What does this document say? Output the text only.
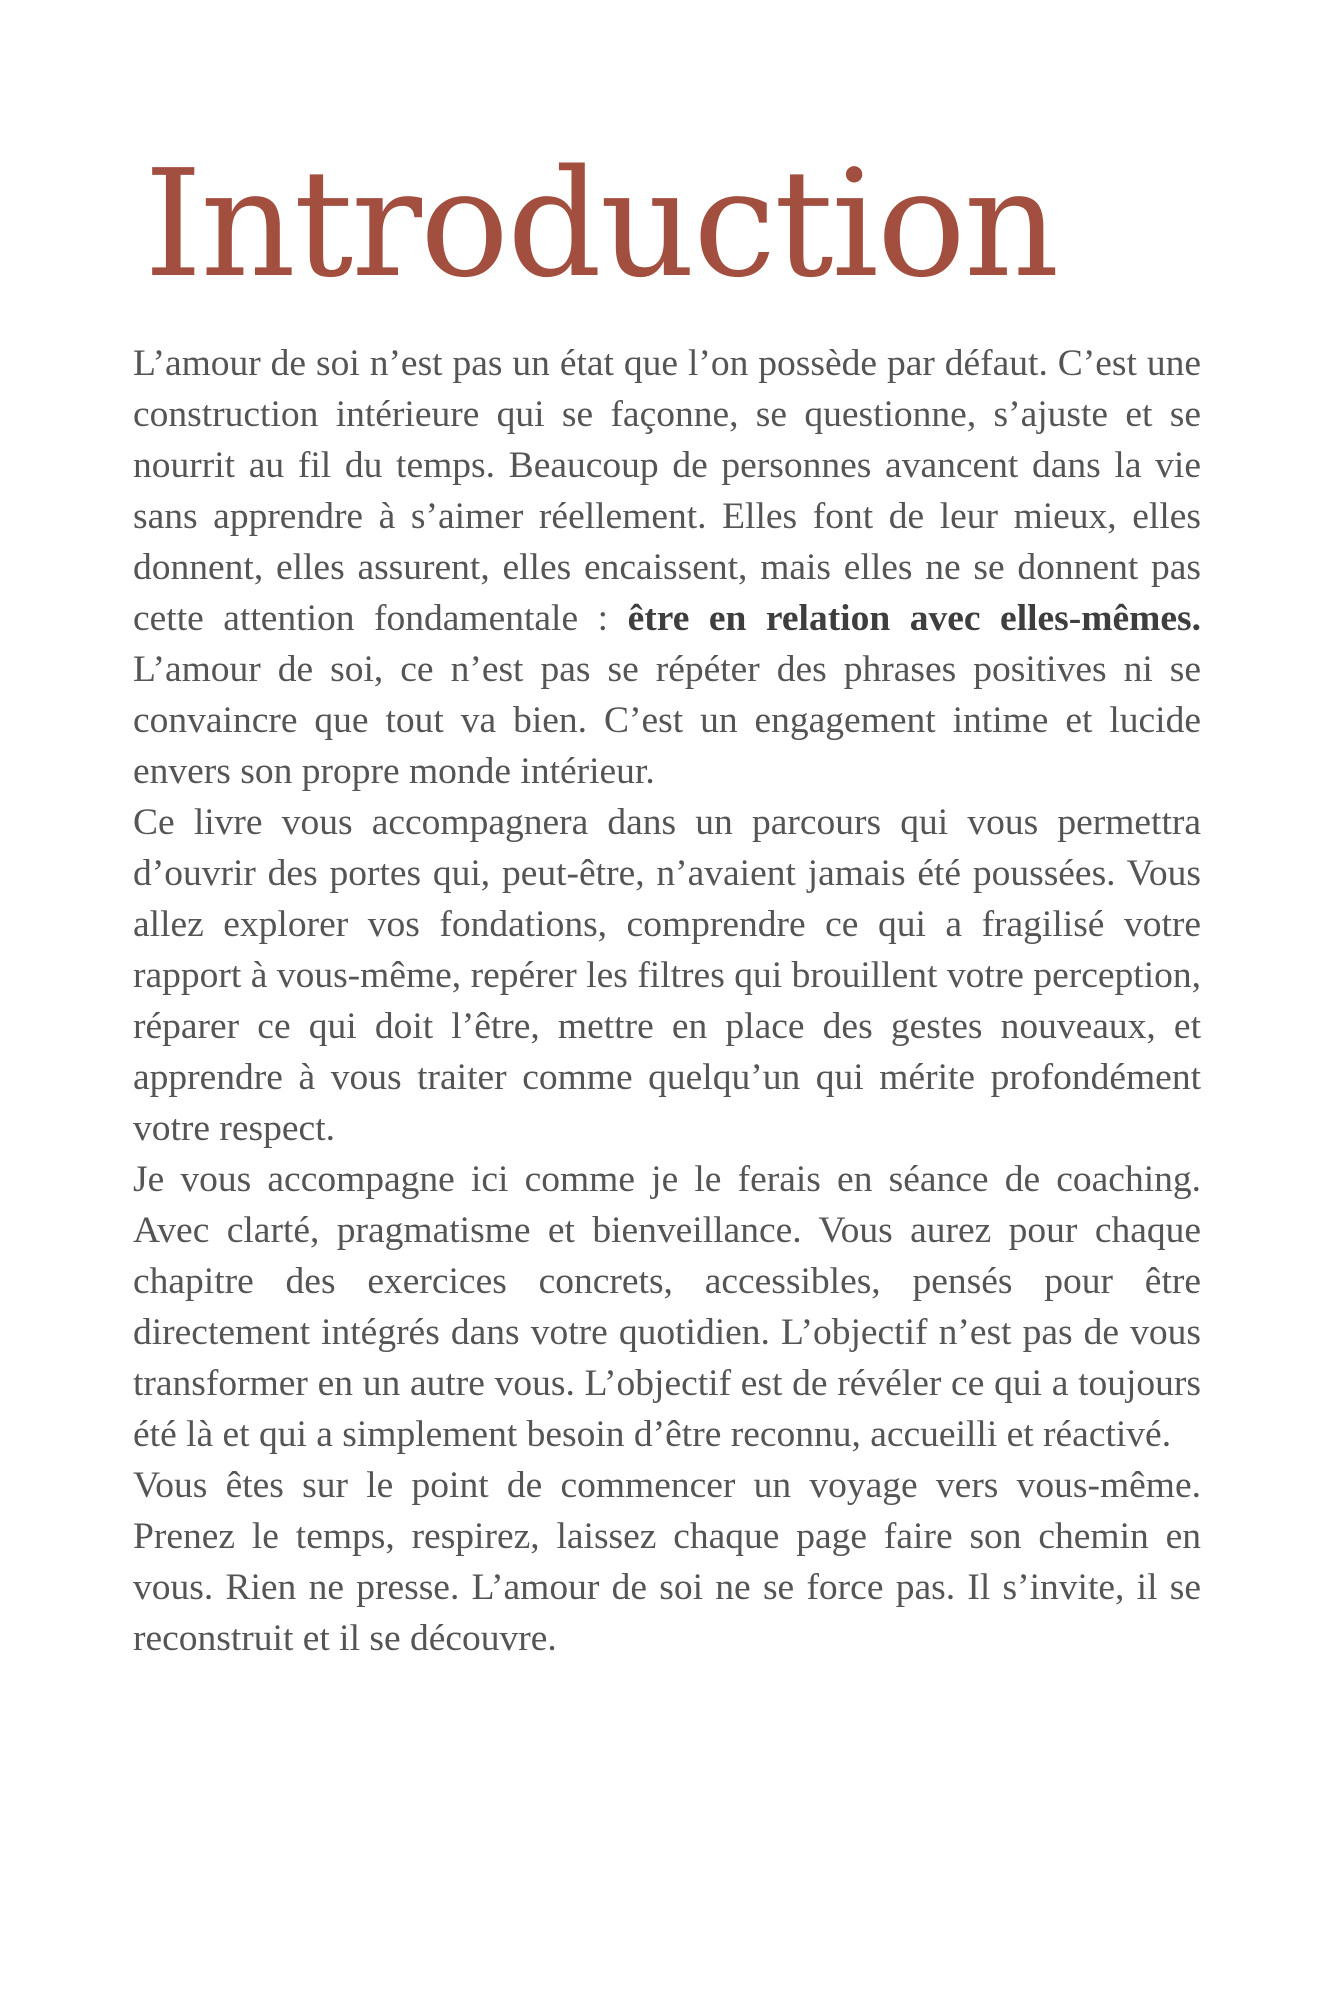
Introduction

L’amour de soi n’est pas un état que l’on possède par défaut. C’est une construction intérieure qui se façonne, se questionne, s’ajuste et se nourrit au fil du temps. Beaucoup de personnes avancent dans la vie sans apprendre à s’aimer réellement. Elles font de leur mieux, elles donnent, elles assurent, elles encaissent, mais elles ne se donnent pas cette attention fondamentale : être en relation avec elles-mêmes. L’amour de soi, ce n’est pas se répéter des phrases positives ni se convaincre que tout va bien. C’est un engagement intime et lucide envers son propre monde intérieur.

Ce livre vous accompagnera dans un parcours qui vous permettra d’ouvrir des portes qui, peut-être, n’avaient jamais été poussées. Vous allez explorer vos fondations, comprendre ce qui a fragilisé votre rapport à vous-même, repérer les filtres qui brouillent votre perception, réparer ce qui doit l’être, mettre en place des gestes nouveaux, et apprendre à vous traiter comme quelqu’un qui mérite profondément votre respect.

Je vous accompagne ici comme je le ferais en séance de coaching. Avec clarté, pragmatisme et bienveillance. Vous aurez pour chaque chapitre des exercices concrets, accessibles, pensés pour être directement intégrés dans votre quotidien. L’objectif n’est pas de vous transformer en un autre vous. L’objectif est de révéler ce qui a toujours été là et qui a simplement besoin d’être reconnu, accueilli et réactivé.

Vous êtes sur le point de commencer un voyage vers vous-même. Prenez le temps, respirez, laissez chaque page faire son chemin en vous. Rien ne presse. L’amour de soi ne se force pas. Il s’invite, il se reconstruit et il se découvre.
